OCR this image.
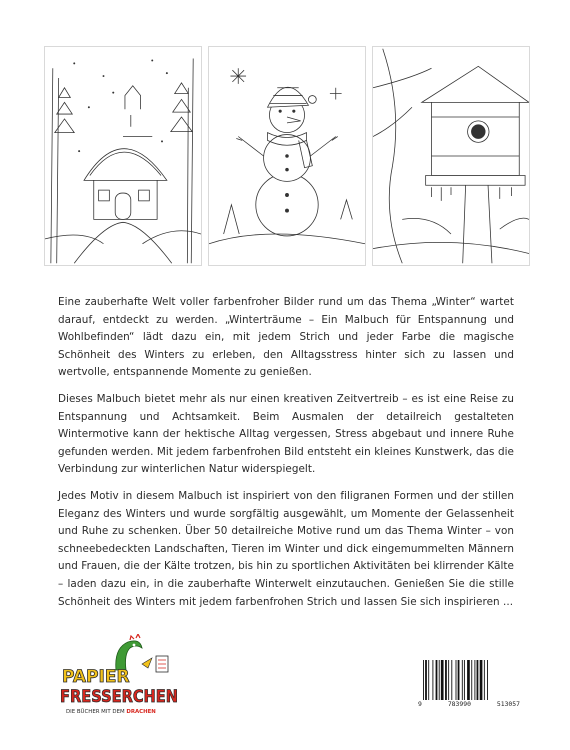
Eine zauberhafte Welt voller farbenfroher Bilder rund um das Thema „Winter“ wartet darauf, entdeckt zu werden. „Winterträume – Ein Malbuch für Entspannung und Wohlbefinden“ lädt dazu ein, mit jedem Strich und jeder Farbe die magische Schönheit des Winters zu erleben, den Alltagsstress hinter sich zu lassen und wertvolle, entspannende Momente zu genießen.

Dieses Malbuch bietet mehr als nur einen kreativen Zeitvertreib – es ist eine Reise zu Entspannung und Achtsamkeit. Beim Ausmalen der detailreich gestalteten Wintermotive kann der hektische Alltag vergessen, Stress abgebaut und innere Ruhe gefunden werden. Mit jedem farbenfrohen Bild entsteht ein kleines Kunstwerk, das die Verbindung zur winterlichen Natur widerspiegelt.

Jedes Motiv in diesem Malbuch ist inspiriert von den filigranen Formen und der stillen Eleganz des Winters und wurde sorgfältig ausgewählt, um Momente der Gelassenheit und Ruhe zu schenken. Über 50 detailreiche Motive rund um das Thema Winter – von schneebedeckten Landschaften, Tieren im Winter und dick eingemummelten Männern und Frauen, die der Kälte trotzen, bis hin zu sportlichen Aktivitäten bei klirrender Kälte – laden dazu ein, in die zauberhafte Winterwelt einzutauchen. Genießen Sie die stille Schönheit des Winters mit jedem farbenfrohen Strich und lassen Sie sich inspirieren ...

PAPIER
FRESSERCHEN
DIE BÜCHER MIT DEM DRACHEN
9	783990	513057
